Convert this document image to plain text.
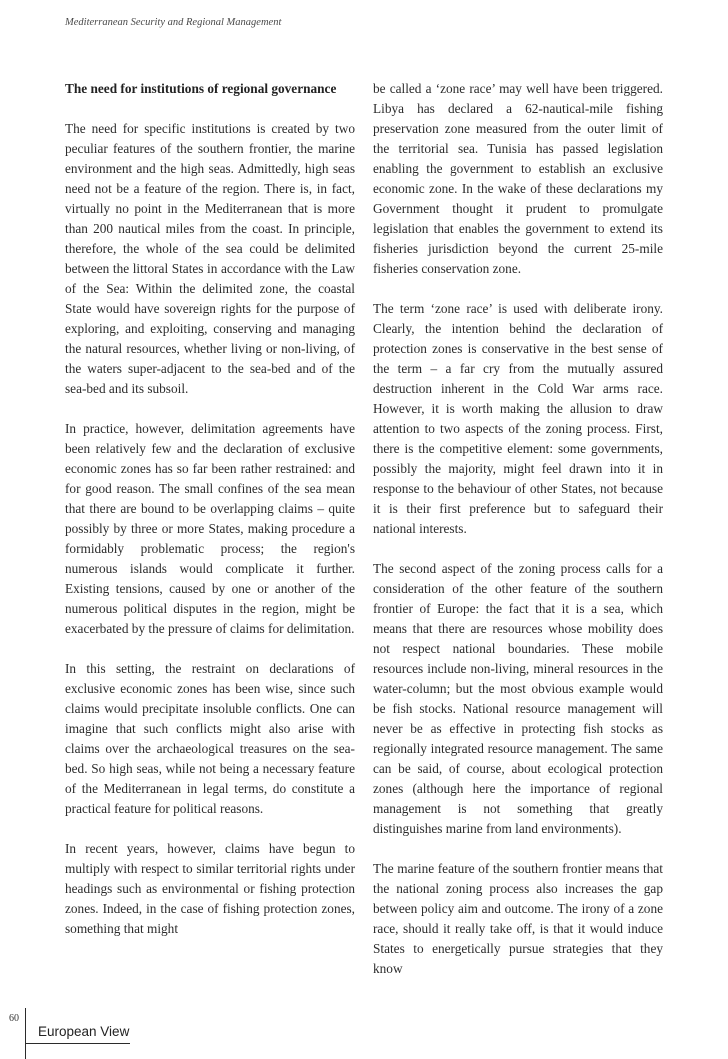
Mediterranean Security and Regional Management
The need for institutions of regional governance

The need for specific institutions is created by two peculiar features of the southern frontier, the marine environment and the high seas. Admittedly, high seas need not be a feature of the region. There is, in fact, virtually no point in the Mediterranean that is more than 200 nautical miles from the coast. In principle, therefore, the whole of the sea could be delimited between the littoral States in accordance with the Law of the Sea: Within the delimited zone, the coastal State would have sovereign rights for the purpose of exploring, and exploiting, conserving and managing the natural resources, whether living or non-living, of the waters super-adjacent to the sea-bed and of the sea-bed and its subsoil.

In practice, however, delimitation agreements have been relatively few and the declaration of exclusive economic zones has so far been rather restrained: and for good reason. The small confines of the sea mean that there are bound to be overlapping claims – quite possibly by three or more States, making procedure a formidably problematic process; the region's numerous islands would complicate it further. Existing tensions, caused by one or another of the numerous political disputes in the region, might be exacerbated by the pressure of claims for delimitation.

In this setting, the restraint on declarations of exclusive economic zones has been wise, since such claims would precipitate insoluble conflicts. One can imagine that such conflicts might also arise with claims over the archaeological treasures on the sea-bed. So high seas, while not being a necessary feature of the Mediterranean in legal terms, do constitute a practical feature for political reasons.

In recent years, however, claims have begun to multiply with respect to similar territorial rights under headings such as environmental or fishing protection zones. Indeed, in the case of fishing protection zones, something that might

be called a ‘zone race’ may well have been triggered. Libya has declared a 62-nautical-mile fishing preservation zone measured from the outer limit of the territorial sea. Tunisia has passed legislation enabling the government to establish an exclusive economic zone. In the wake of these declarations my Government thought it prudent to promulgate legislation that enables the government to extend its fisheries jurisdiction beyond the current 25-mile fisheries conservation zone.

The term ‘zone race’ is used with deliberate irony. Clearly, the intention behind the declaration of protection zones is conservative in the best sense of the term – a far cry from the mutually assured destruction inherent in the Cold War arms race. However, it is worth making the allusion to draw attention to two aspects of the zoning process. First, there is the competitive element: some governments, possibly the majority, might feel drawn into it in response to the behaviour of other States, not because it is their first preference but to safeguard their national interests.

The second aspect of the zoning process calls for a consideration of the other feature of the southern frontier of Europe: the fact that it is a sea, which means that there are resources whose mobility does not respect national boundaries. These mobile resources include non-living, mineral resources in the water-column; but the most obvious example would be fish stocks. National resource management will never be as effective in protecting fish stocks as regionally integrated resource management. The same can be said, of course, about ecological protection zones (although here the importance of regional management is not something that greatly distinguishes marine from land environments).

The marine feature of the southern frontier means that the national zoning process also increases the gap between policy aim and outcome. The irony of a zone race, should it really take off, is that it would induce States to energetically pursue strategies that they know

60
European View
